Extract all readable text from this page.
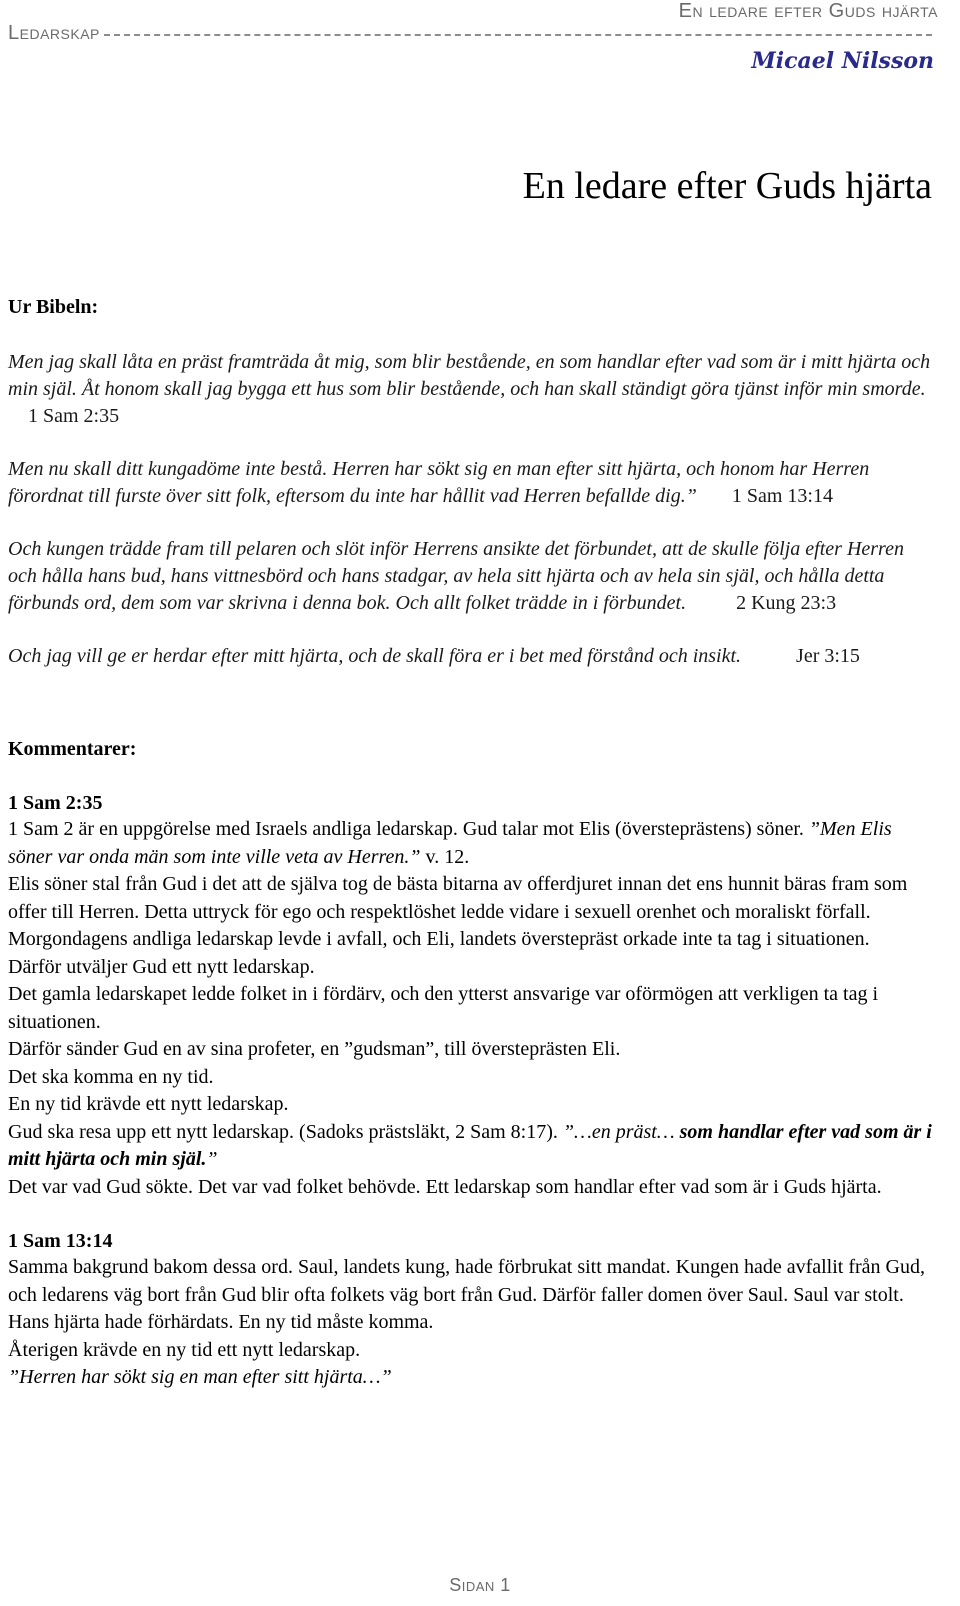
En ledare efter Guds hjärta
Ledarskap
Micael Nilsson
En ledare efter Guds hjärta

Ur Bibeln:

Men jag skall låta en präst framträda åt mig, som blir bestående, en som handlar efter vad som är i mitt hjärta och min själ. Åt honom skall jag bygga ett hus som blir bestående, och han skall ständigt göra tjänst inför min smorde.     1 Sam 2:35

Men nu skall ditt kungadöme inte bestå. Herren har sökt sig en man efter sitt hjärta, och honom har Herren förordnat till furste över sitt folk, eftersom du inte har hållit vad Herren befallde dig.” 1 Sam 13:14

Och kungen trädde fram till pelaren och slöt inför Herrens ansikte det förbundet, att de skulle följa efter Herren och hålla hans bud, hans vittnesbörd och hans stadgar, av hela sitt hjärta och av hela sin själ, och hålla detta förbunds ord, dem som var skrivna i denna bok. Och allt folket trädde in i förbundet.	2 Kung 23:3

Och jag vill ge er herdar efter mitt hjärta, och de skall föra er i bet med förstånd och insikt.	Jer 3:15

Kommentarer:

1 Sam 2:35

1 Sam 2 är en uppgörelse med Israels andliga ledarskap. Gud talar mot Elis (översteprästens) söner. ”Men Elis söner var onda män som inte ville veta av Herren.” v. 12.

Elis söner stal från Gud i det att de själva tog de bästa bitarna av offerdjuret innan det ens hunnit bäras fram som offer till Herren. Detta uttryck för ego och respektlöshet ledde vidare i sexuell orenhet och moraliskt förfall. Morgondagens andliga ledarskap levde i avfall, och Eli, landets överstepräst orkade inte ta tag i situationen.

Därför utväljer Gud ett nytt ledarskap.

Det gamla ledarskapet ledde folket in i fördärv, och den ytterst ansvarige var oförmögen att verkligen ta tag i situationen.

Därför sänder Gud en av sina profeter, en ”gudsman”, till översteprästen Eli.

Det ska komma en ny tid.

En ny tid krävde ett nytt ledarskap.

Gud ska resa upp ett nytt ledarskap. (Sadoks prästsläkt, 2 Sam 8:17). ”…en präst… som handlar efter vad som är i mitt hjärta och min själ.”

Det var vad Gud sökte. Det var vad folket behövde. Ett ledarskap som handlar efter vad som är i Guds hjärta.

1 Sam 13:14

Samma bakgrund bakom dessa ord. Saul, landets kung, hade förbrukat sitt mandat. Kungen hade avfallit från Gud, och ledarens väg bort från Gud blir ofta folkets väg bort från Gud. Därför faller domen över Saul. Saul var stolt. Hans hjärta hade förhärdats. En ny tid måste komma.

Återigen krävde en ny tid ett nytt ledarskap.

”Herren har sökt sig en man efter sitt hjärta…”

Sidan 1
